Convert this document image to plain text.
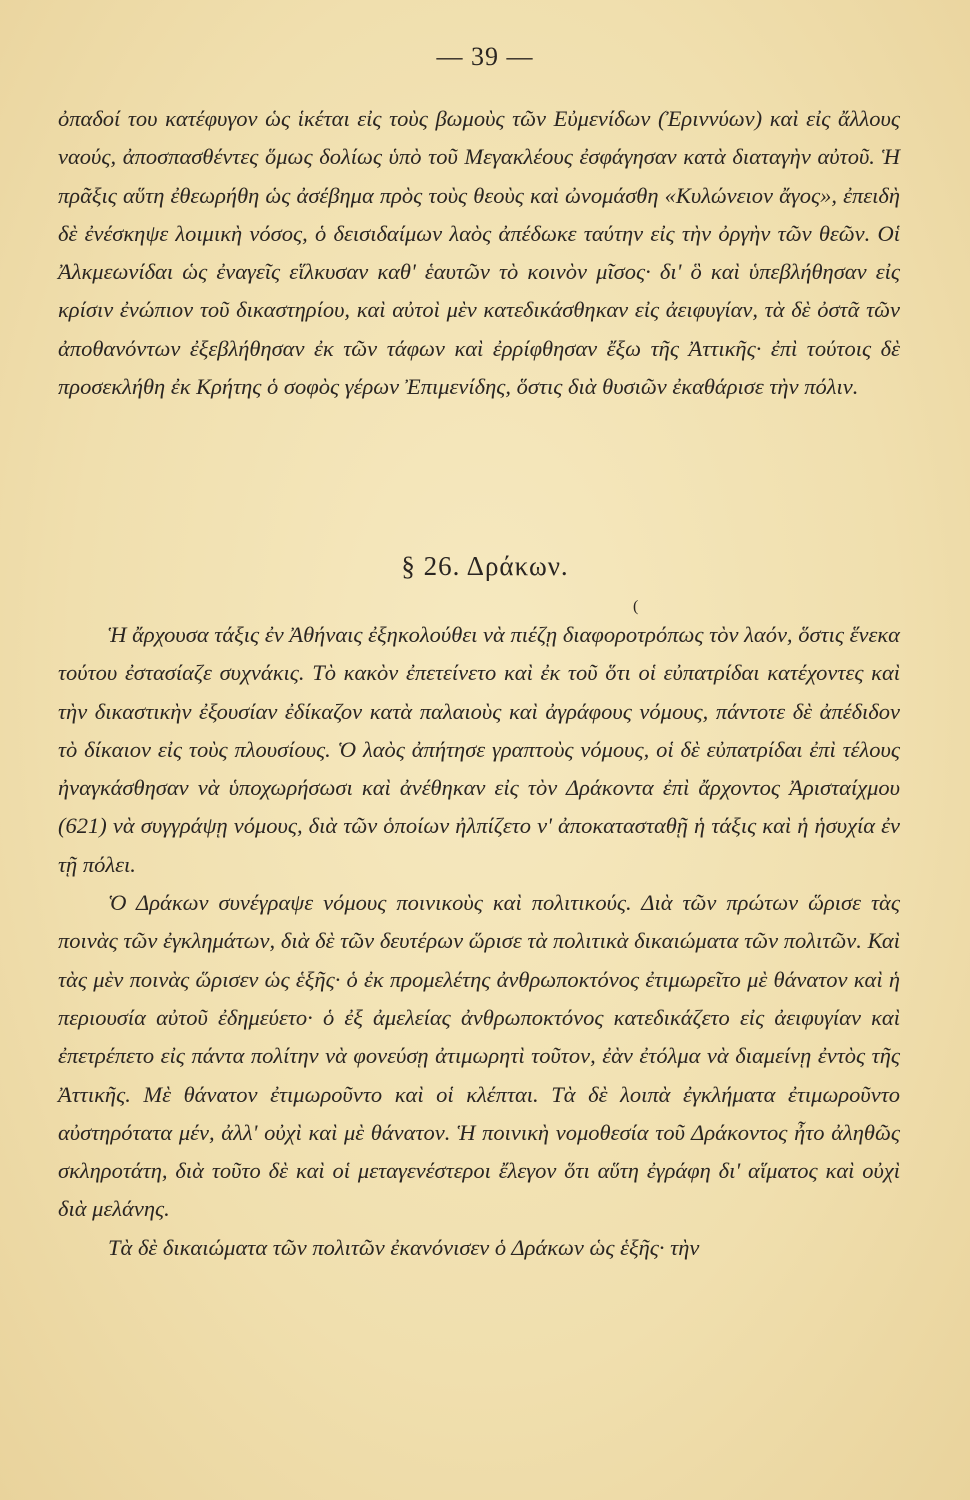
— 39 —

ὀπαδοί του κατέφυγον ὡς ἱκέται εἰς τοὺς βωμοὺς τῶν Εὐμενίδων (Ἐριννύων) καὶ εἰς ἄλλους ναούς, ἀποσπασθέντες ὅμως δολίως ὑπὸ τοῦ Μεγακλέους ἐσφάγησαν κατὰ διαταγὴν αὐτοῦ. Ἡ πρᾶξις αὕτη ἐθεωρήθη ὡς ἀσέβημα πρὸς τοὺς θεοὺς καὶ ὠνομάσθη «Κυλώνειον ἄγος», ἐπειδὴ δὲ ἐνέσκηψε λοιμικὴ νόσος, ὁ δεισιδαίμων λαὸς ἀπέδωκε ταύτην εἰς τὴν ὀργὴν τῶν θεῶν. Οἱ Ἀλκμεωνίδαι ὡς ἐναγεῖς εἵλκυσαν καθ' ἑαυτῶν τὸ κοινὸν μῖσος· δι' ὃ καὶ ὑπεβλήθησαν εἰς κρίσιν ἐνώπιον τοῦ δικαστηρίου, καὶ αὐτοὶ μὲν κατεδικάσθηκαν εἰς ἀειφυγίαν, τὰ δὲ ὀστᾶ τῶν ἀποθανόντων ἐξεβλήθησαν ἐκ τῶν τάφων καὶ ἐρρίφθησαν ἔξω τῆς Ἀττικῆς· ἐπὶ τούτοις δὲ προσεκλήθη ἐκ Κρήτης ὁ σοφὸς γέρων Ἐπιμενίδης, ὅστις διὰ θυσιῶν ἐκαθάρισε τὴν πόλιν.

§ 26. Δράκων.
(

Ἡ ἄρχουσα τάξις ἐν Ἀθήναις ἐξηκολούθει νὰ πιέζῃ διαφοροτρόπως τὸν λαόν, ὅστις ἕνεκα τούτου ἐστασίαζε συχνάκις. Τὸ κακὸν ἐπετείνετο καὶ ἐκ τοῦ ὅτι οἱ εὐπατρίδαι κατέχοντες καὶ τὴν δικαστικὴν ἐξουσίαν ἐδίκαζον κατὰ παλαιοὺς καὶ ἀγράφους νόμους, πάντοτε δὲ ἀπέδιδον τὸ δίκαιον εἰς τοὺς πλουσίους. Ὁ λαὸς ἀπήτησε γραπτοὺς νόμους, οἱ δὲ εὐπατρίδαι ἐπὶ τέλους ἠναγκάσθησαν νὰ ὑποχωρήσωσι καὶ ἀνέθηκαν εἰς τὸν Δράκοντα ἐπὶ ἄρχοντος Ἀρισταίχμου (621) νὰ συγγράψῃ νόμους, διὰ τῶν ὁποίων ἠλπίζετο ν' ἀποκατασταθῇ ἡ τάξις καὶ ἡ ἡσυχία ἐν τῇ πόλει.

Ὁ Δράκων συνέγραψε νόμους ποινικοὺς καὶ πολιτικούς. Διὰ τῶν πρώτων ὥρισε τὰς ποινὰς τῶν ἐγκλημάτων, διὰ δὲ τῶν δευτέρων ὥρισε τὰ πολιτικὰ δικαιώματα τῶν πολιτῶν. Καὶ τὰς μὲν ποινὰς ὥρισεν ὡς ἑξῆς· ὁ ἐκ προμελέτης ἀνθρωποκτόνος ἐτιμωρεῖτο μὲ θάνατον καὶ ἡ περιουσία αὐτοῦ ἐδημεύετο· ὁ ἐξ ἀμελείας ἀνθρωποκτόνος κατεδικάζετο εἰς ἀειφυγίαν καὶ ἐπετρέπετο εἰς πάντα πολίτην νὰ φονεύσῃ ἀτιμωρητὶ τοῦτον, ἐὰν ἐτόλμα νὰ διαμείνῃ ἐντὸς τῆς Ἀττικῆς. Μὲ θάνατον ἐτιμωροῦντο καὶ οἱ κλέπται. Τὰ δὲ λοιπὰ ἐγκλήματα ἐτιμωροῦντο αὐστηρότατα μέν, ἀλλ' οὐχὶ καὶ μὲ θάνατον. Ἡ ποινικὴ νομοθεσία τοῦ Δράκοντος ἦτο ἀληθῶς σκληροτάτη, διὰ τοῦτο δὲ καὶ οἱ μεταγενέστεροι ἔλεγον ὅτι αὕτη ἐγράφη δι' αἵματος καὶ οὐχὶ διὰ μελάνης.

Τὰ δὲ δικαιώματα τῶν πολιτῶν ἐκανόνισεν ὁ Δράκων ὡς ἑξῆς· τὴν
